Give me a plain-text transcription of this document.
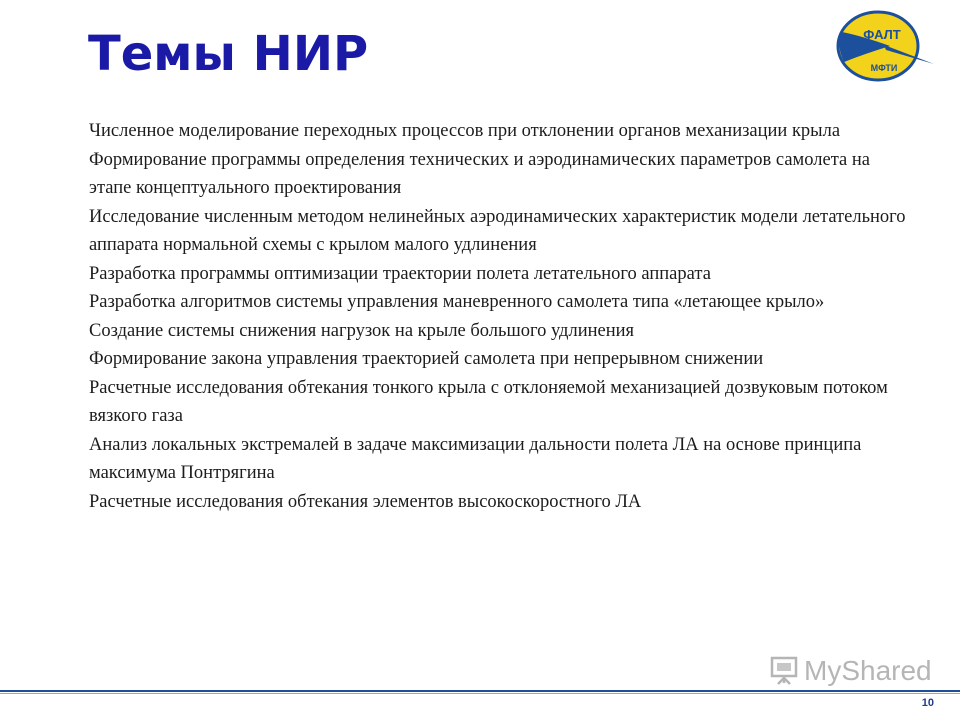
Темы НИР	ФАЛТ
МФТИ
Численное моделирование переходных процессов при отклонении органов механизации крыла
Формирование программы определения технических и аэродинамических параметров самолета на этапе концептуального проектирования
Исследование численным методом нелинейных аэродинамических характеристик модели летательного аппарата нормальной схемы с крылом малого удлинения
Разработка программы оптимизации траектории полета летательного аппарата
Разработка алгоритмов системы управления маневренного самолета типа «летающее крыло»
Создание системы снижения нагрузок на крыле большого удлинения
Формирование закона управления траекторией самолета при непрерывном снижении
Расчетные исследования обтекания тонкого крыла с отклоняемой механизацией дозвуковым потоком вязкого газа
Анализ локальных экстремалей в задаче максимизации дальности полета ЛА на основе принципа максимума Понтрягина
Расчетные исследования обтекания элементов высокоскоростного ЛА
MyShared
10
